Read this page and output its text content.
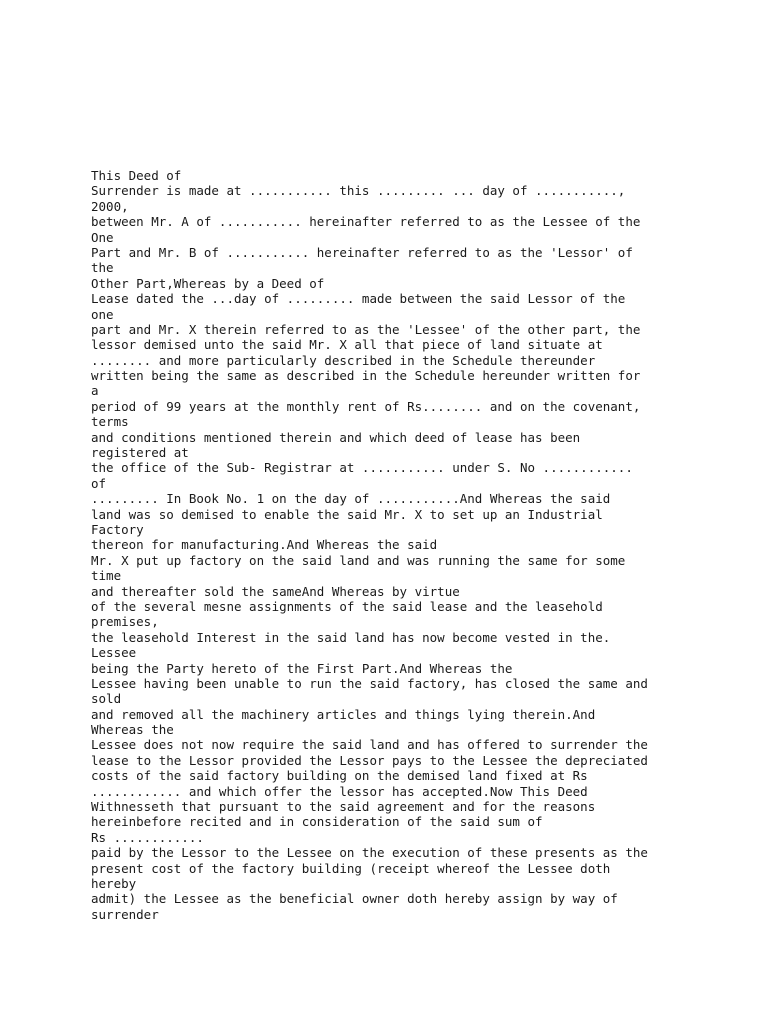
This Deed of
Surrender is made at ........... this ......... ... day of ...........,
2000,
between Mr. A of ........... hereinafter referred to as the Lessee of the
One
Part and Mr. B of ........... hereinafter referred to as the 'Lessor' of
the
Other Part,Whereas by a Deed of
Lease dated the ...day of ......... made between the said Lessor of the
one
part and Mr. X therein referred to as the 'Lessee' of the other part, the
lessor demised unto the said Mr. X all that piece of land situate at
........ and more particularly described in the Schedule thereunder
written being the same as described in the Schedule hereunder written for
a
period of 99 years at the monthly rent of Rs........ and on the covenant,
terms
and conditions mentioned therein and which deed of lease has been
registered at
the office of the Sub- Registrar at ........... under S. No ............
of
......... In Book No. 1 on the day of ...........And Whereas the said
land was so demised to enable the said Mr. X to set up an Industrial
Factory
thereon for manufacturing.And Whereas the said
Mr. X put up factory on the said land and was running the same for some
time
and thereafter sold the sameAnd Whereas by virtue
of the several mesne assignments of the said lease and the leasehold
premises,
the leasehold Interest in the said land has now become vested in the.
Lessee
being the Party hereto of the First Part.And Whereas the
Lessee having been unable to run the said factory, has closed the same and
sold
and removed all the machinery articles and things lying therein.And
Whereas the
Lessee does not now require the said land and has offered to surrender the
lease to the Lessor provided the Lessor pays to the Lessee the depreciated
costs of the said factory building on the demised land fixed at Rs
............ and which offer the lessor has accepted.Now This Deed
Withnesseth that pursuant to the said agreement and for the reasons
hereinbefore recited and in consideration of the said sum of
Rs ............
paid by the Lessor to the Lessee on the execution of these presents as the
present cost of the factory building (receipt whereof the Lessee doth
hereby
admit) the Lessee as the beneficial owner doth hereby assign by way of
surrender
